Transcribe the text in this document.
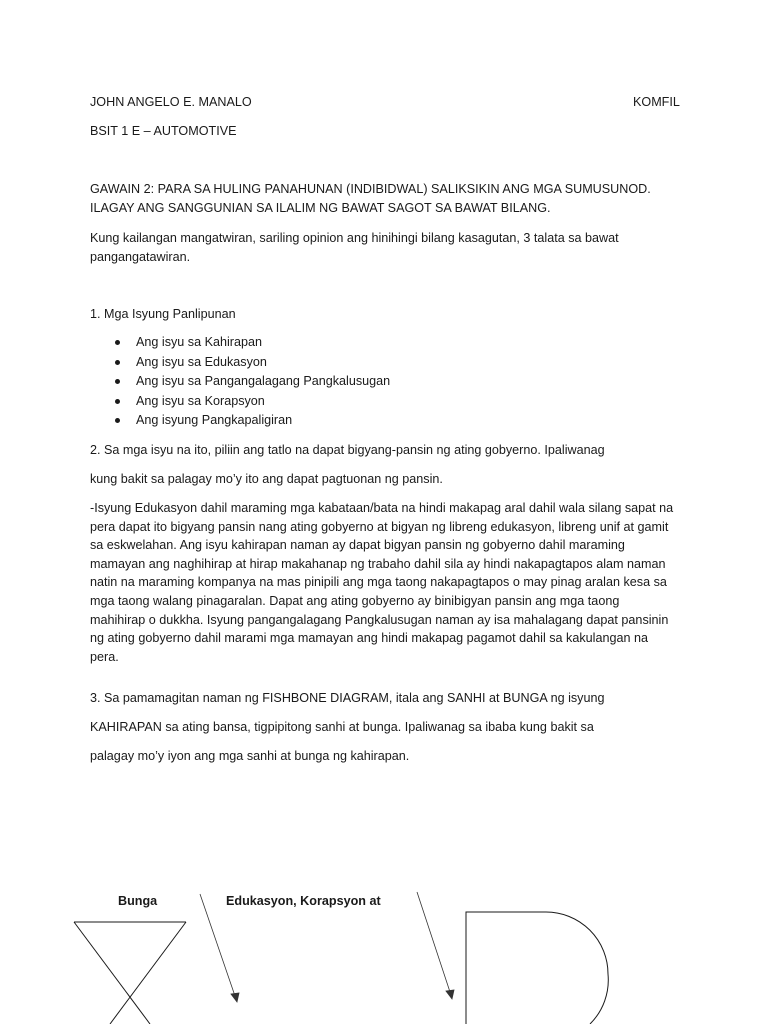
JOHN ANGELO E. MANALO	KOMFIL
BSIT 1 E – AUTOMOTIVE
GAWAIN 2: PARA SA HULING PANAHUNAN (INDIBIDWAL) SALIKSIKIN ANG MGA SUMUSUNOD. ILAGAY ANG SANGGUNIAN SA ILALIM NG BAWAT SAGOT SA BAWAT BILANG.
Kung kailangan mangatwiran, sariling opinion ang hinihingi bilang kasagutan, 3 talata sa bawat pangangatawiran.
1. Mga Isyung Panlipunan
Ang isyu sa Kahirapan
Ang isyu sa Edukasyon
Ang isyu sa Pangangalagang Pangkalusugan
Ang isyu sa Korapsyon
Ang isyung Pangkapaligiran
2. Sa mga isyu na ito, piliin ang tatlo na dapat bigyang-pansin ng ating gobyerno. Ipaliwanag
kung bakit sa palagay mo’y ito ang dapat pagtuonan ng pansin.
-Isyung Edukasyon dahil maraming mga kabataan/bata na hindi makapag aral dahil wala silang sapat na pera dapat ito bigyang pansin nang ating gobyerno at bigyan ng libreng edukasyon, libreng unif at gamit sa eskwelahan. Ang isyu kahirapan naman ay dapat bigyan pansin ng gobyerno dahil maraming mamayan ang naghihirap at hirap makahanap ng trabaho dahil sila ay hindi nakapagtapos alam naman natin na maraming kompanya na mas pinipili ang mga taong nakapagtapos o may pinag aralan kesa sa mga taong walang pinagaralan. Dapat ang ating gobyerno ay binibigyan pansin ang mga taong mahihirap o dukkha. Isyung pangangalagang Pangkalusugan naman ay isa mahalagang dapat pansinin ng ating gobyerno dahil marami mga mamayan ang hindi makapag pagamot dahil sa kakulangan na pera.
3. Sa pamamagitan naman ng FISHBONE DIAGRAM, itala ang SANHI at BUNGA ng isyung
KAHIRAPAN sa ating bansa, tigpipitong sanhi at bunga. Ipaliwanag sa ibaba kung bakit sa
palagay mo’y iyon ang mga sanhi at bunga ng kahirapan.
Bunga	Edukasyon, Korapsyon at
